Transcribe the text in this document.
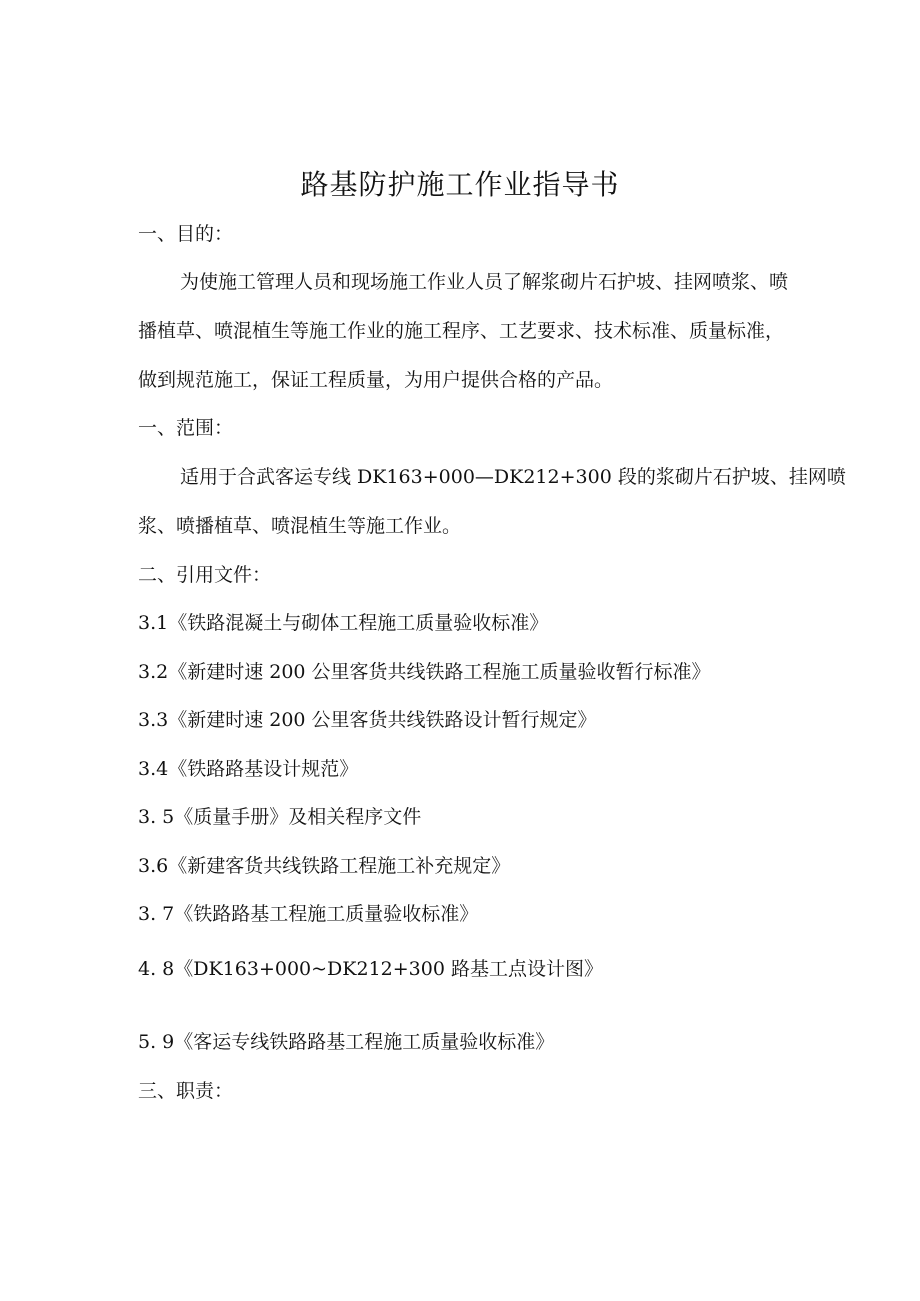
路基防护施工作业指导书
一、目的：
为使施工管理人员和现场施工作业人员了解浆砌片石护坡、挂网喷浆、喷
播植草、喷混植生等施工作业的施工程序、工艺要求、技术标准、质量标准，
做到规范施工，保证工程质量，为用户提供合格的产品。
一、范围：
适用于合武客运专线 DK163+000—DK212+300 段的浆砌片石护坡、挂网喷
浆、喷播植草、喷混植生等施工作业。
二、引用文件：
3.1《铁路混凝土与砌体工程施工质量验收标准》
3.2《新建时速 200 公里客货共线铁路工程施工质量验收暂行标准》
3.3《新建时速 200 公里客货共线铁路设计暂行规定》
3.4《铁路路基设计规范》
3. 5《质量手册》及相关程序文件
3.6《新建客货共线铁路工程施工补充规定》
3. 7《铁路路基工程施工质量验收标准》
4. 8《DK163+000~DK212+300 路基工点设计图》
5. 9《客运专线铁路路基工程施工质量验收标准》
三、职责：
